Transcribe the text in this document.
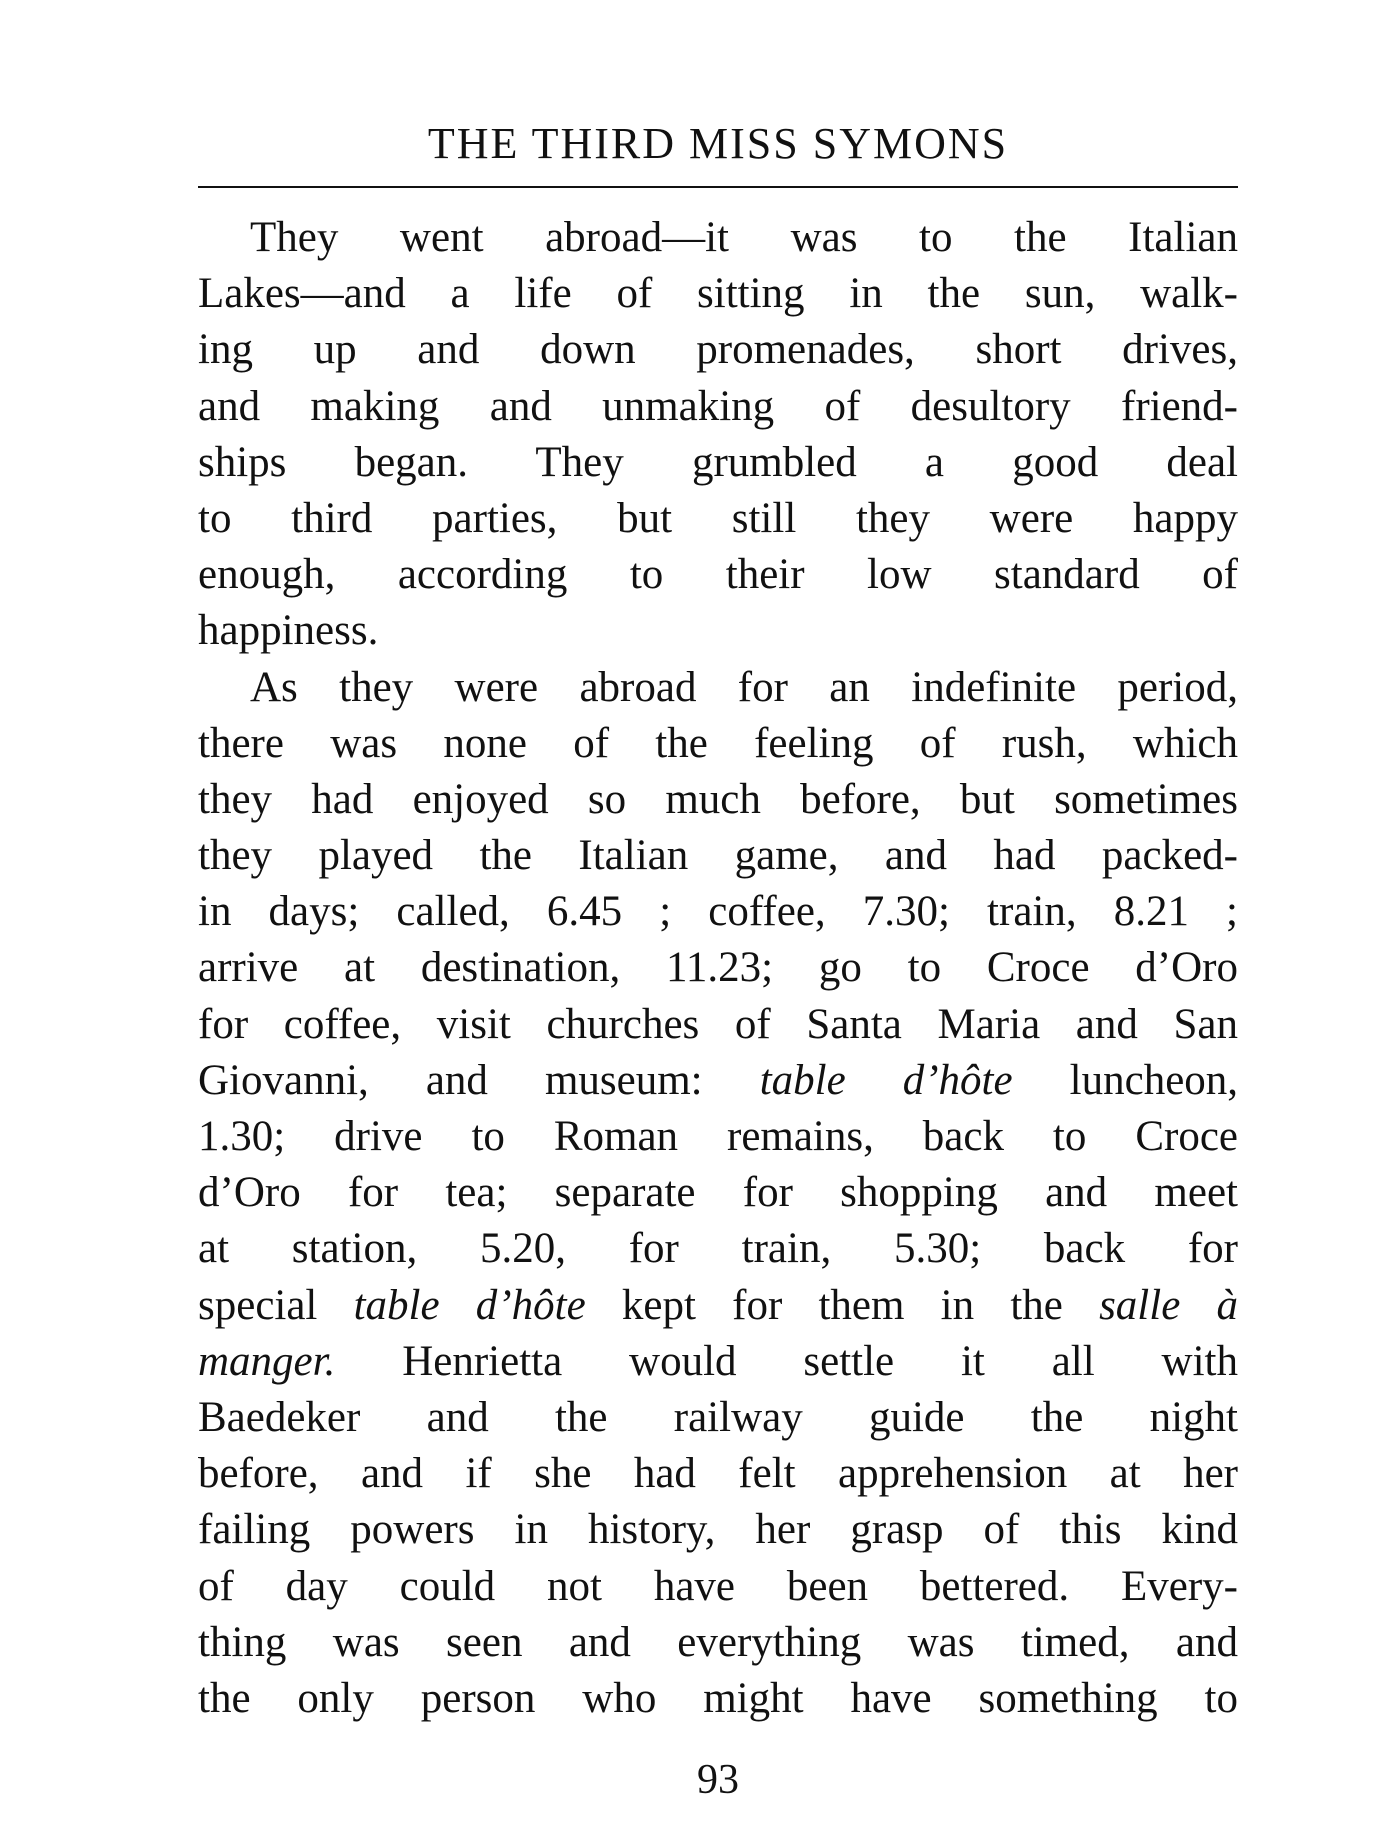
THE THIRD MISS SYMONS
They went abroad—it was to the Italian
Lakes—and a life of sitting in the sun, walk-
ing up and down promenades, short drives,
and making and unmaking of desultory friend-
ships began. They grumbled a good deal
to third parties, but still they were happy
enough, according to their low standard of
happiness.
As they were abroad for an indefinite period,
there was none of the feeling of rush, which
they had enjoyed so much before, but sometimes
they played the Italian game, and had packed-
in days; called, 6.45 ; coffee, 7.30; train, 8.21 ;
arrive at destination, 11.23; go to Croce d’Oro
for coffee, visit churches of Santa Maria and San
Giovanni, and museum: table d’hôte luncheon,
1.30; drive to Roman remains, back to Croce
d’Oro for tea; separate for shopping and meet
at station, 5.20, for train, 5.30; back for
special table d’hôte kept for them in the salle à
manger. Henrietta would settle it all with
Baedeker and the railway guide the night
before, and if she had felt apprehension at her
failing powers in history, her grasp of this kind
of day could not have been bettered. Every-
thing was seen and everything was timed, and
the only person who might have something to
93
